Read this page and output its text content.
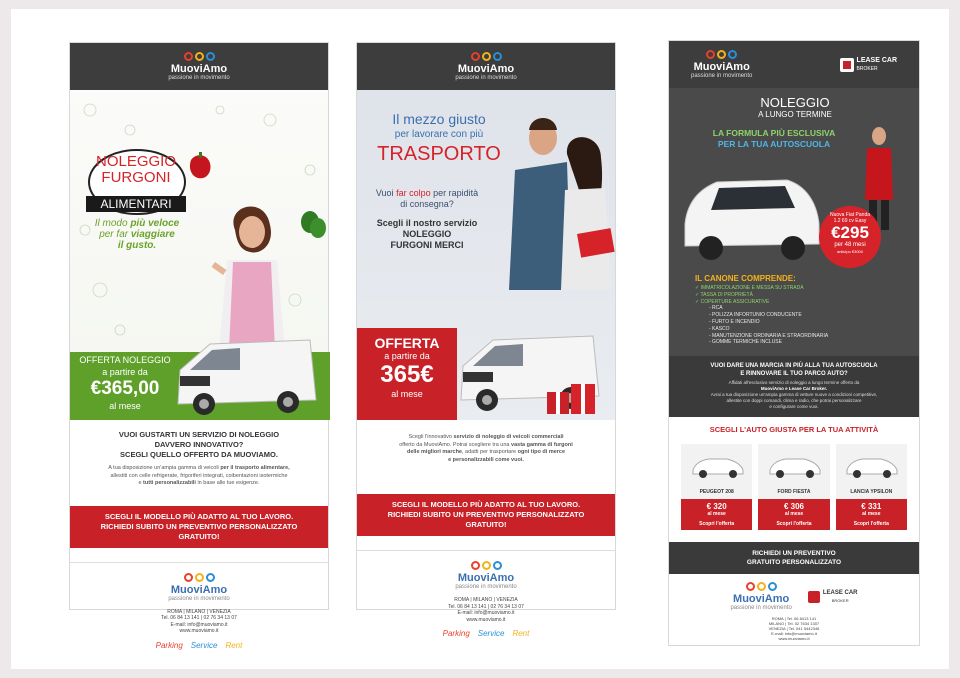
MuoviAmo
passione in movimento
NOLEGGIO
FURGONI
ALIMENTARI
Il modo più veloce
per far viaggiare
il gusto.
OFFERTA NOLEGGIO
a partire da
€365,00
al mese
VUOI GUSTARTI UN SERVIZIO DI NOLEGGIO
DAVVERO INNOVATIVO?
SCEGLI QUELLO OFFERTO DA MUOVIAMO.
A tua disposizione un'ampia gamma di veicoli per il trasporto alimentare,
allestiti con celle refrigerate, frigoriferi integrati, coibentazioni isotermiche
e tutti personalizzabili in base alle tue esigenze.
SCEGLI IL MODELLO PIÙ ADATTO AL TUO LAVORO.
RICHIEDI SUBITO UN PREVENTIVO PERSONALIZZATO
GRATUITO!
MuoviAmo
passione in movimento
ROMA | MILANO | VENEZIA
Tel. 06 84 13 141 | 02 76 34 13 07
E-mail: info@muoviamo.it
www.muoviamo.it
Parking Service Rent
MuoviAmo
passione in movimento
Il mezzo giusto
per lavorare con più
TRASPORTO
Vuoi far colpo per rapidità
di consegna?
Scegli il nostro servizio
NOLEGGIO
FURGONI MERCI
OFFERTA
a partire da
365€
al mese
Scegli l'innovativo servizio di noleggio di veicoli commerciali
offerto da MuoviAmo. Potrai scegliere tra una vasta gamma di furgoni
delle migliori marche, adatti per trasportare ogni tipo di merce
e personalizzabili come vuoi.
SCEGLI IL MODELLO PIÙ ADATTO AL TUO LAVORO.
RICHIEDI SUBITO UN PREVENTIVO PERSONALIZZATO
GRATUITO!
MuoviAmo
passione in movimento
ROMA | MILANO | VENEZIA
Tel. 06 84 13 141 | 02 76 34 13 07
E-mail: info@muoviamo.it
www.muoviamo.it
Parking Service Rent
MuoviAmo
passione in movimento
LEASE CAR
BROKER
NOLEGGIO
A LUNGO TERMINE
LA FORMULA PIÙ ESCLUSIVA
PER LA TUA AUTOSCUOLA
Nuova Fiat Panda
1.2 69 cv Easy
€295
per 48 mesi
anticipo €3000
IL CANONE COMPRENDE:
✓ IMMATRICOLAZIONE E MESSA SU STRADA
✓ TASSA DI PROPRIETÀ
✓ COPERTURE ASSICURATIVE
- RCA
- POLIZZA INFORTUNIO CONDUCENTE
- FURTO E INCENDIO
- KASCO
- MANUTENZIONE ORDINARIA E STRAORDINARIA
- GOMME TERMICHE INCLUSE
VUOI DARE UNA MARCIA IN PIÙ ALLA TUA AUTOSCUOLA
E RINNOVARE IL TUO PARCO AUTO?
Affidati all'esclusivo servizio di noleggio a lungo termine offerto da
MuoviAmo e Lease Car Broker.
Avrai a tua disposizione un'ampia gamma di vetture nuove a condizioni competitive,
allestite con doppi comandi, clima e radio, che potrai personalizzare
e configurare come vuoi.
SCEGLI L'AUTO GIUSTA PER LA TUA ATTIVITÀ
PEUGEOT 208
€ 320
al mese
Scopri l'offerta
FORD FIESTA
€ 306
al mese
Scopri l'offerta
LANCIA YPSILON
€ 331
al mese
Scopri l'offerta
RICHIEDI UN PREVENTIVO
GRATUITO PERSONALIZZATO
MuoviAmo
passione in movimento
LEASE CAR
BROKER
ROMA | Tel. 06 8413 141
MILANO | Tel. 02 7634 1307
VENEZIA | Tel. 041 5442346
E-mail: info@muoviamo.it
www.muoviamo.it
